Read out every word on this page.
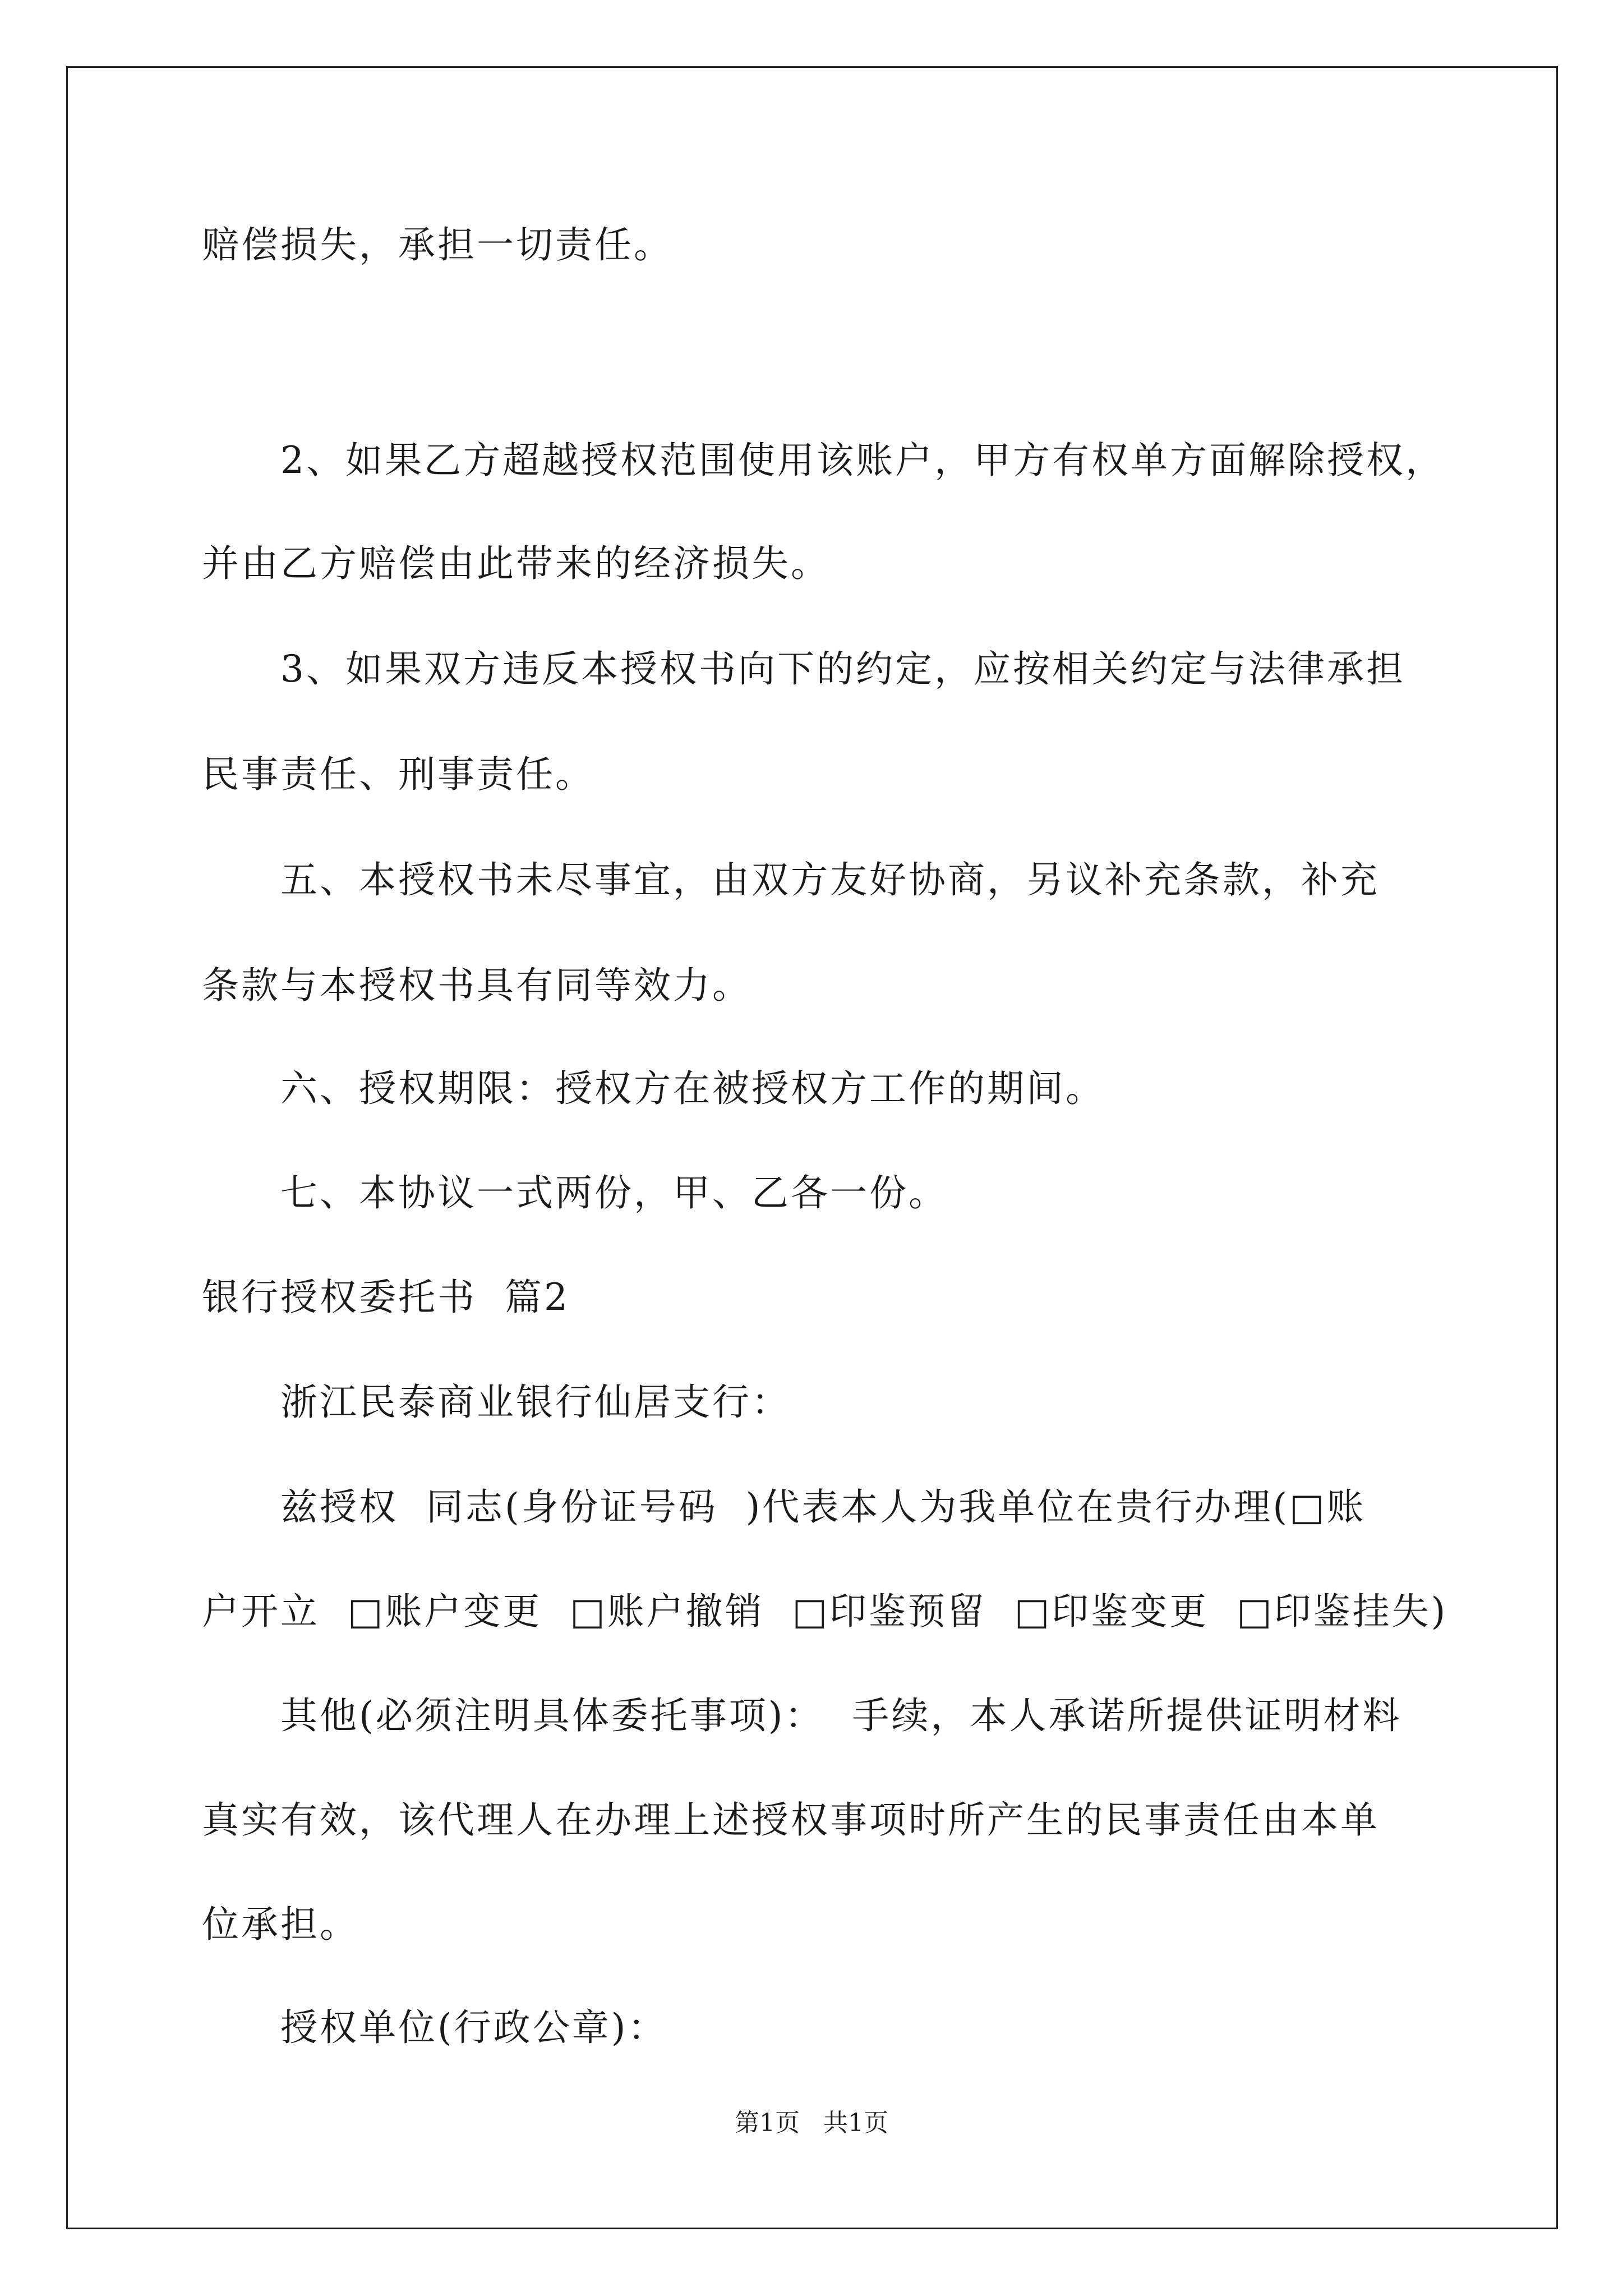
赔偿损失，承担一切责任。
2、如果乙方超越授权范围使用该账户，甲方有权单方面解除授权，
并由乙方赔偿由此带来的经济损失。
3、如果双方违反本授权书向下的约定，应按相关约定与法律承担
民事责任、刑事责任。
五、本授权书未尽事宜，由双方友好协商，另议补充条款，补充
条款与本授权书具有同等效力。
六、授权期限：授权方在被授权方工作的期间。
七、本协议一式两份，甲、乙各一份。
银行授权委托书  篇2
浙江民泰商业银行仙居支行：
兹授权  同志(身份证号码  )代表本人为我单位在贵行办理(□账
户开立  □账户变更  □账户撤销  □印鉴预留  □印鉴变更  □印鉴挂失)
其他(必须注明具体委托事项)：  手续，本人承诺所提供证明材料
真实有效，该代理人在办理上述授权事项时所产生的民事责任由本单
位承担。
授权单位(行政公章)：
第1页   共1页
